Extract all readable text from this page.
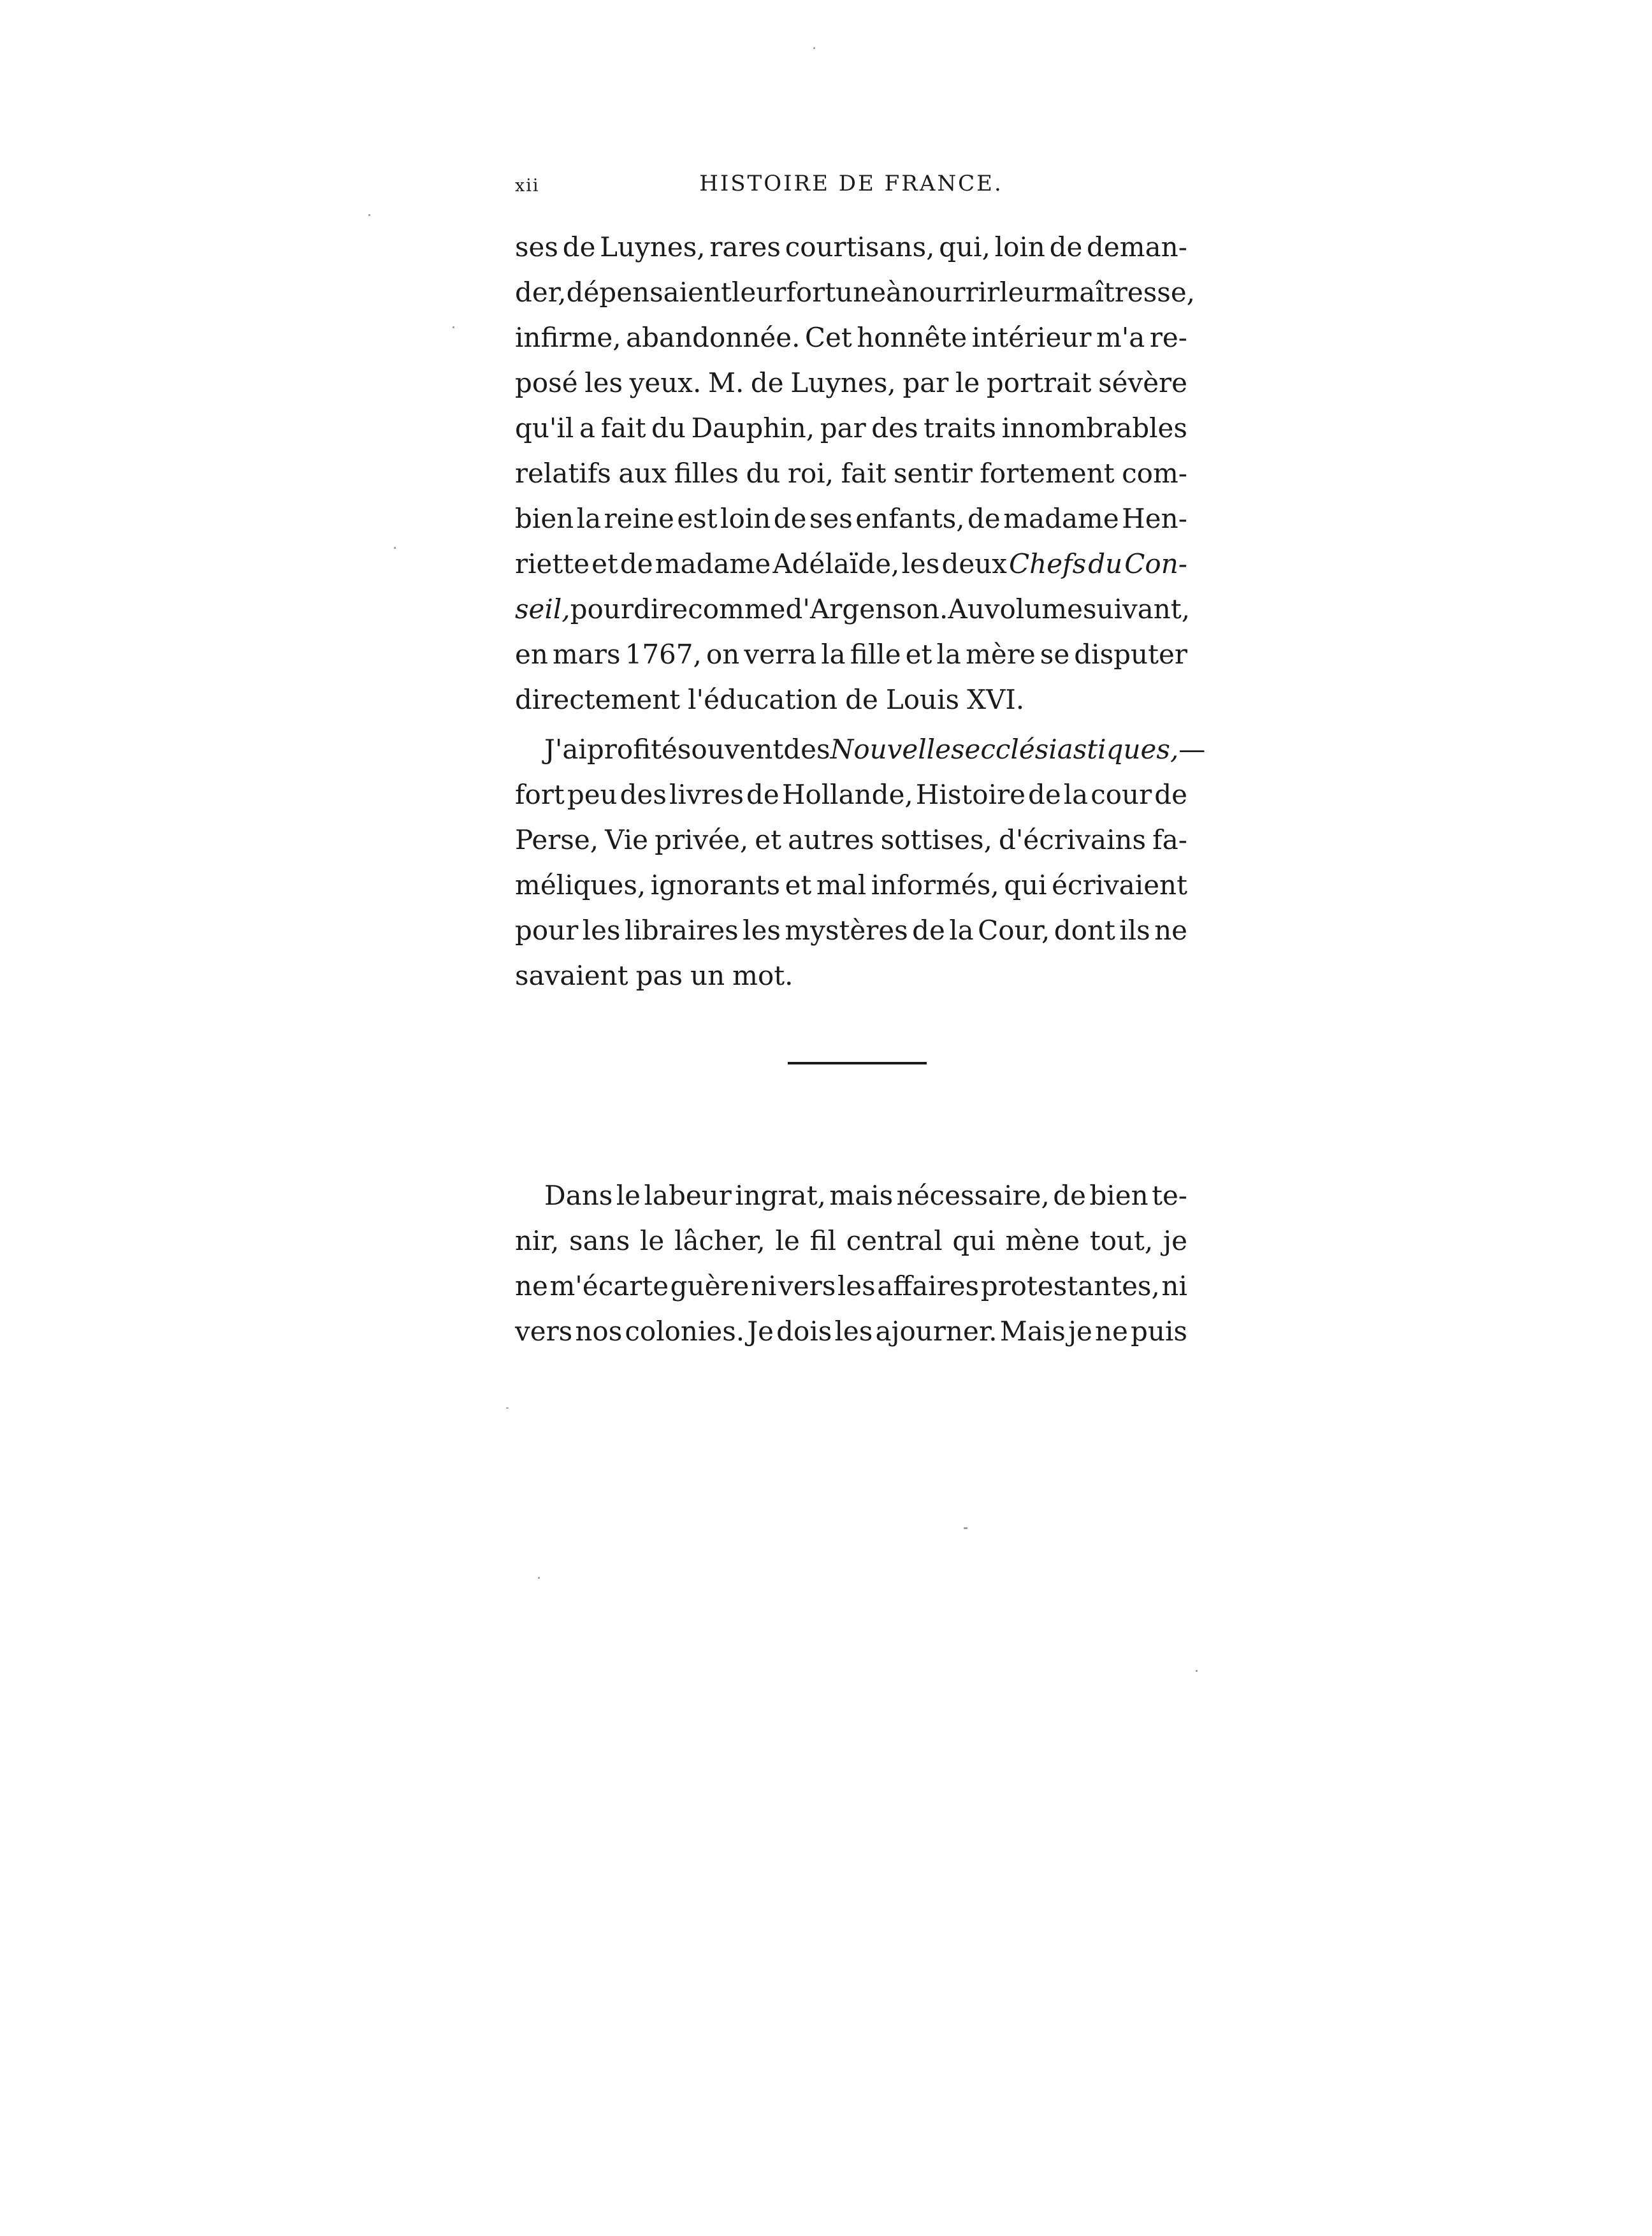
xii	HISTOIRE DE FRANCE.
ses de Luynes, rares courtisans, qui, loin de deman-
der, dépensaient leur fortune à nourrir leur maîtresse,
infirme, abandonnée. Cet honnête intérieur m'a re-
posé les yeux. M. de Luynes, par le portrait sévère
qu'il a fait du Dauphin, par des traits innombrables
relatifs aux filles du roi, fait sentir fortement com-
bien la reine est loin de ses enfants, de madame Hen-
riette et de madame Adélaïde, les deux Chefs du Con-
seil, pour dire comme d'Argenson. Au volume suivant,
en mars 1767, on verra la fille et la mère se disputer
directement l'éducation de Louis XVI.
J'ai profité souvent des Nouvelles ecclésiastiques, —
fort peu des livres de Hollande, Histoire de la cour de
Perse, Vie privée, et autres sottises, d'écrivains fa-
méliques, ignorants et mal informés, qui écrivaient
pour les libraires les mystères de la Cour, dont ils ne
savaient pas un mot.
Dans le labeur ingrat, mais nécessaire, de bien te-
nir, sans le lâcher, le fil central qui mène tout, je
ne m'écarte guère ni vers les affaires protestantes, ni
vers nos colonies. Je dois les ajourner. Mais je ne puis
